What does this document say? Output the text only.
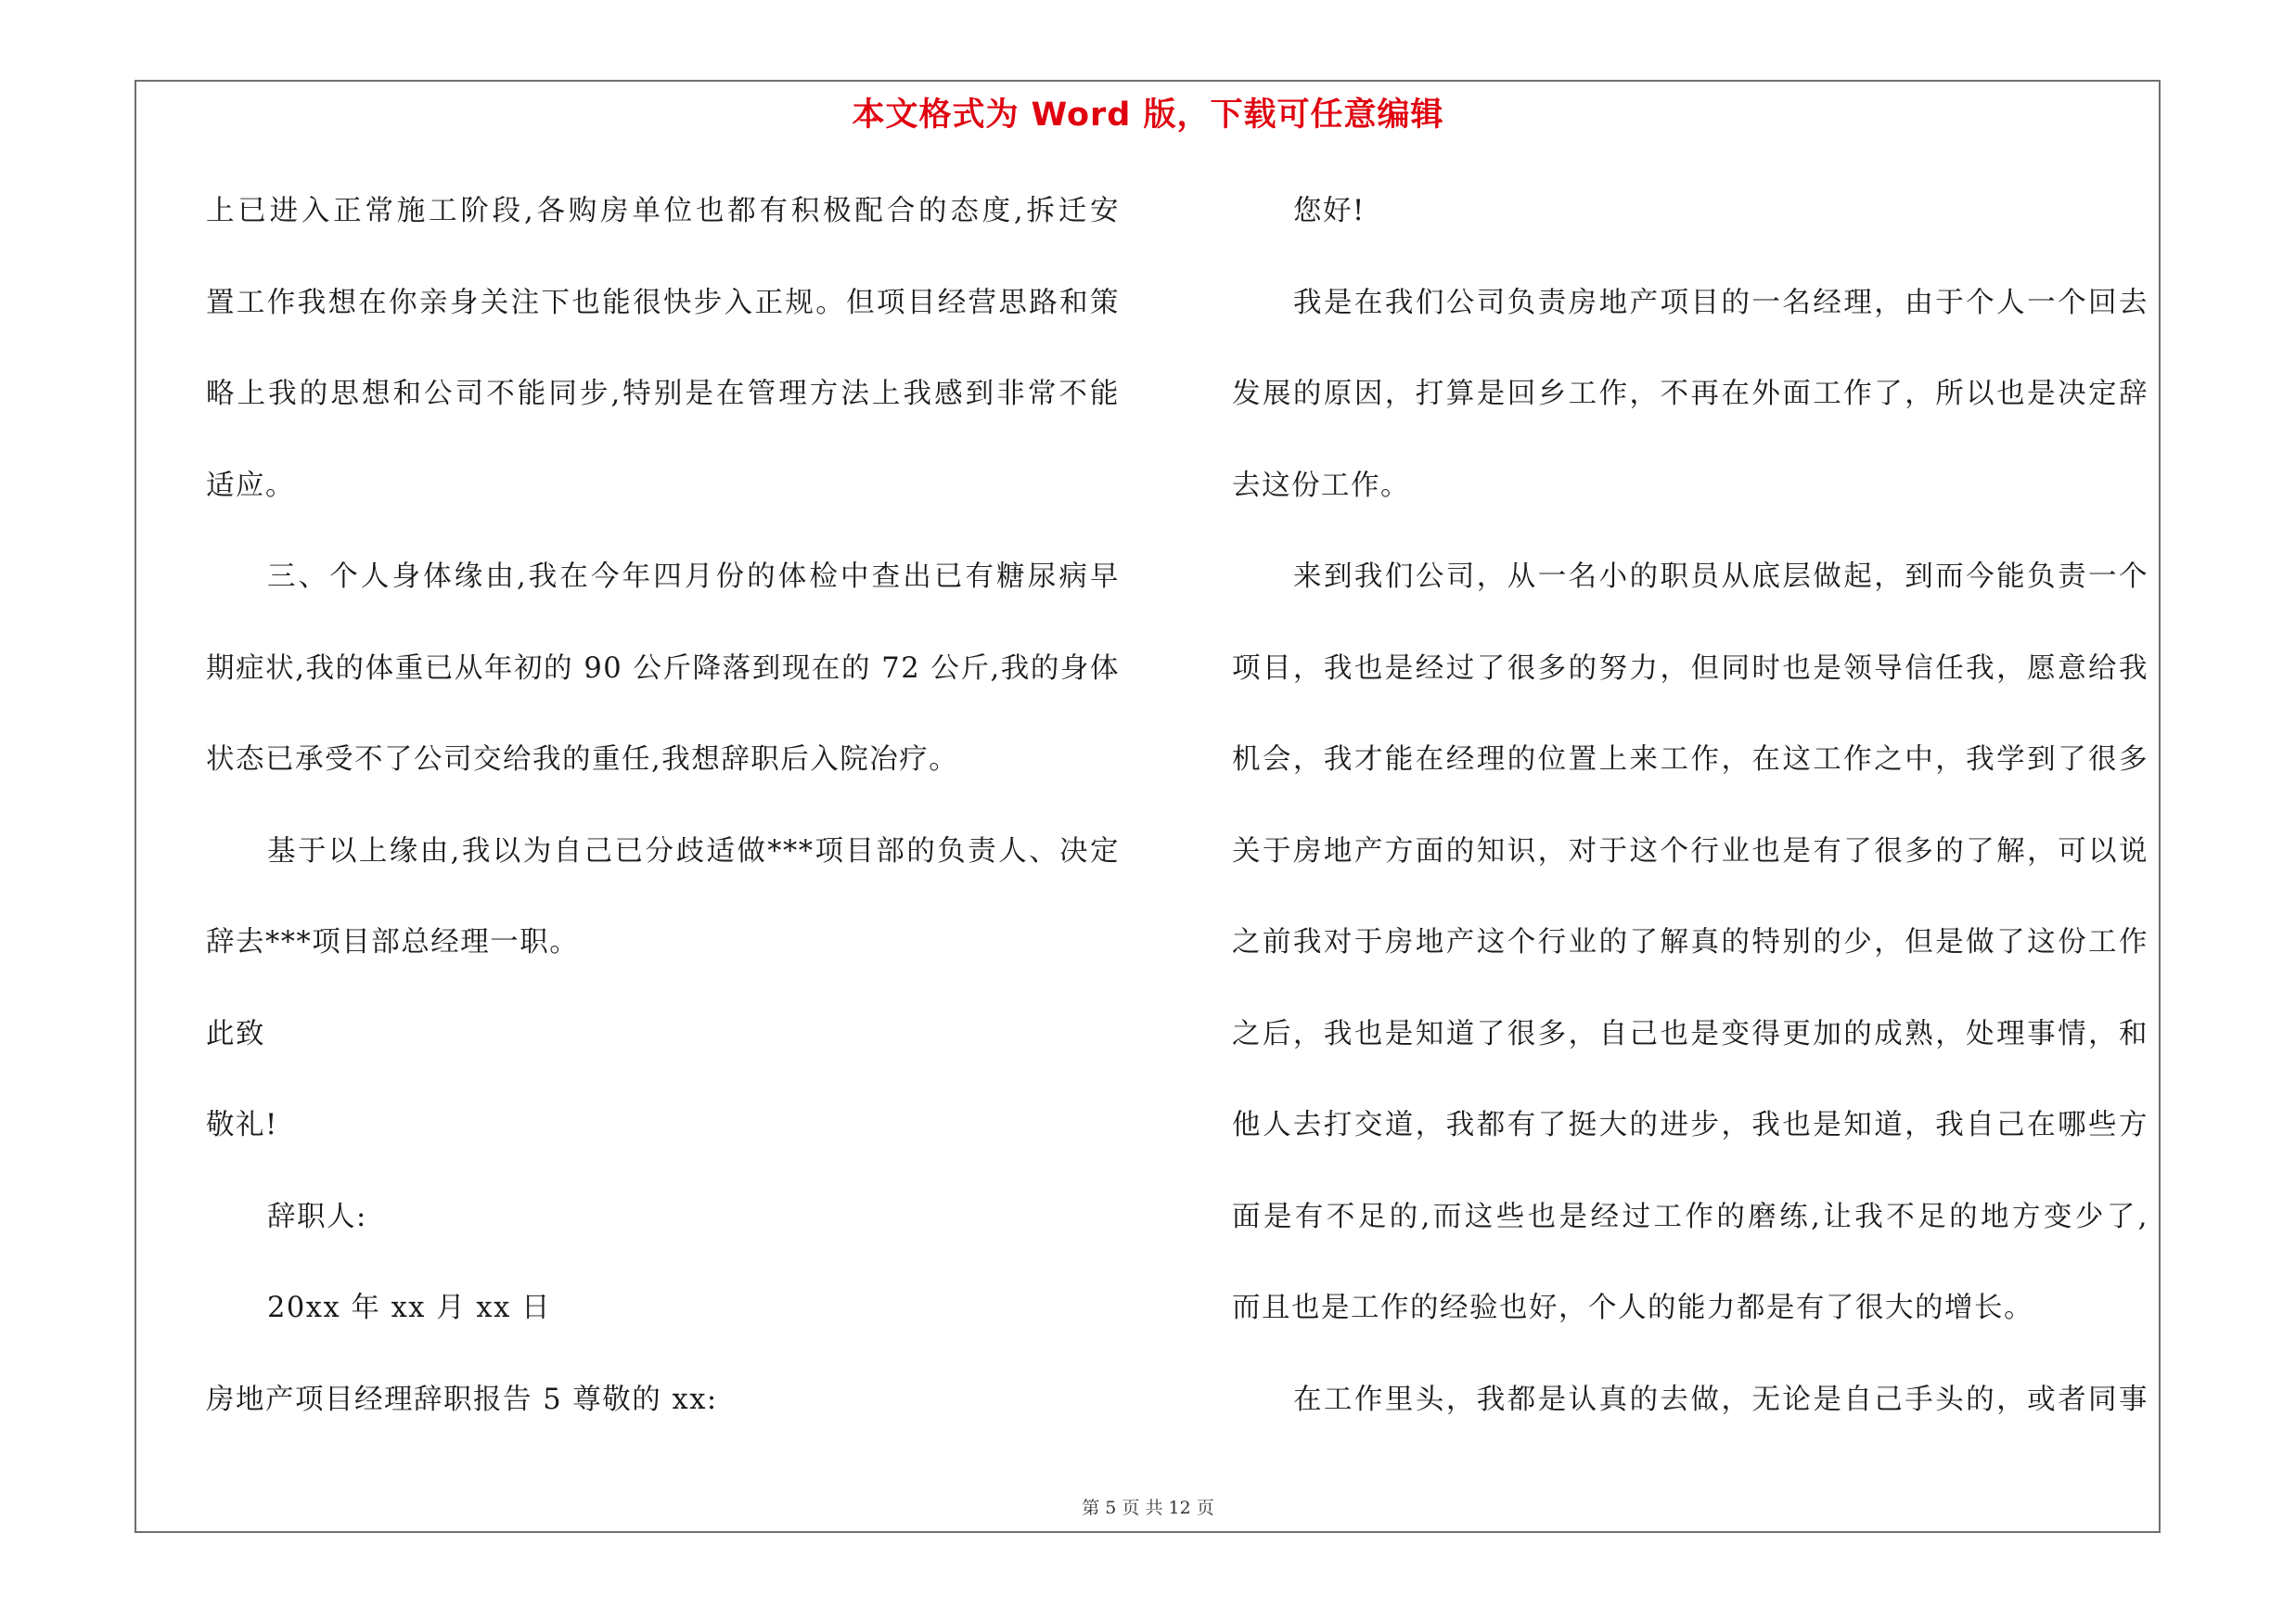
本文格式为 Word 版，下载可任意编辑
上已进入正常施工阶段,各购房单位也都有积极配合的态度,拆迁安
置工作我想在你亲身关注下也能很快步入正规。但项目经营思路和策
略上我的思想和公司不能同步,特别是在管理方法上我感到非常不能
适应。
三、个人身体缘由,我在今年四月份的体检中查出已有糖尿病早
期症状,我的体重已从年初的 90 公斤降落到现在的 72 公斤,我的身体
状态已承受不了公司交给我的重任,我想辞职后入院冶疗。
基于以上缘由,我以为自己已分歧适做***项目部的负责人、决定
辞去***项目部总经理一职。
此致
敬礼!
辞职人:
20xx 年 xx 月 xx 日
房地产项目经理辞职报告 5 尊敬的 xx:
您好!
我是在我们公司负责房地产项目的一名经理，由于个人一个回去
发展的原因，打算是回乡工作，不再在外面工作了，所以也是决定辞
去这份工作。
来到我们公司，从一名小的职员从底层做起，到而今能负责一个
项目，我也是经过了很多的努力，但同时也是领导信任我，愿意给我
机会，我才能在经理的位置上来工作，在这工作之中，我学到了很多
关于房地产方面的知识，对于这个行业也是有了很多的了解，可以说
之前我对于房地产这个行业的了解真的特别的少，但是做了这份工作
之后，我也是知道了很多，自己也是变得更加的成熟，处理事情，和
他人去打交道，我都有了挺大的进步，我也是知道，我自己在哪些方
面是有不足的,而这些也是经过工作的磨练,让我不足的地方变少了,
而且也是工作的经验也好，个人的能力都是有了很大的增长。
在工作里头，我都是认真的去做，无论是自己手头的，或者同事
第 5 页 共 12 页
